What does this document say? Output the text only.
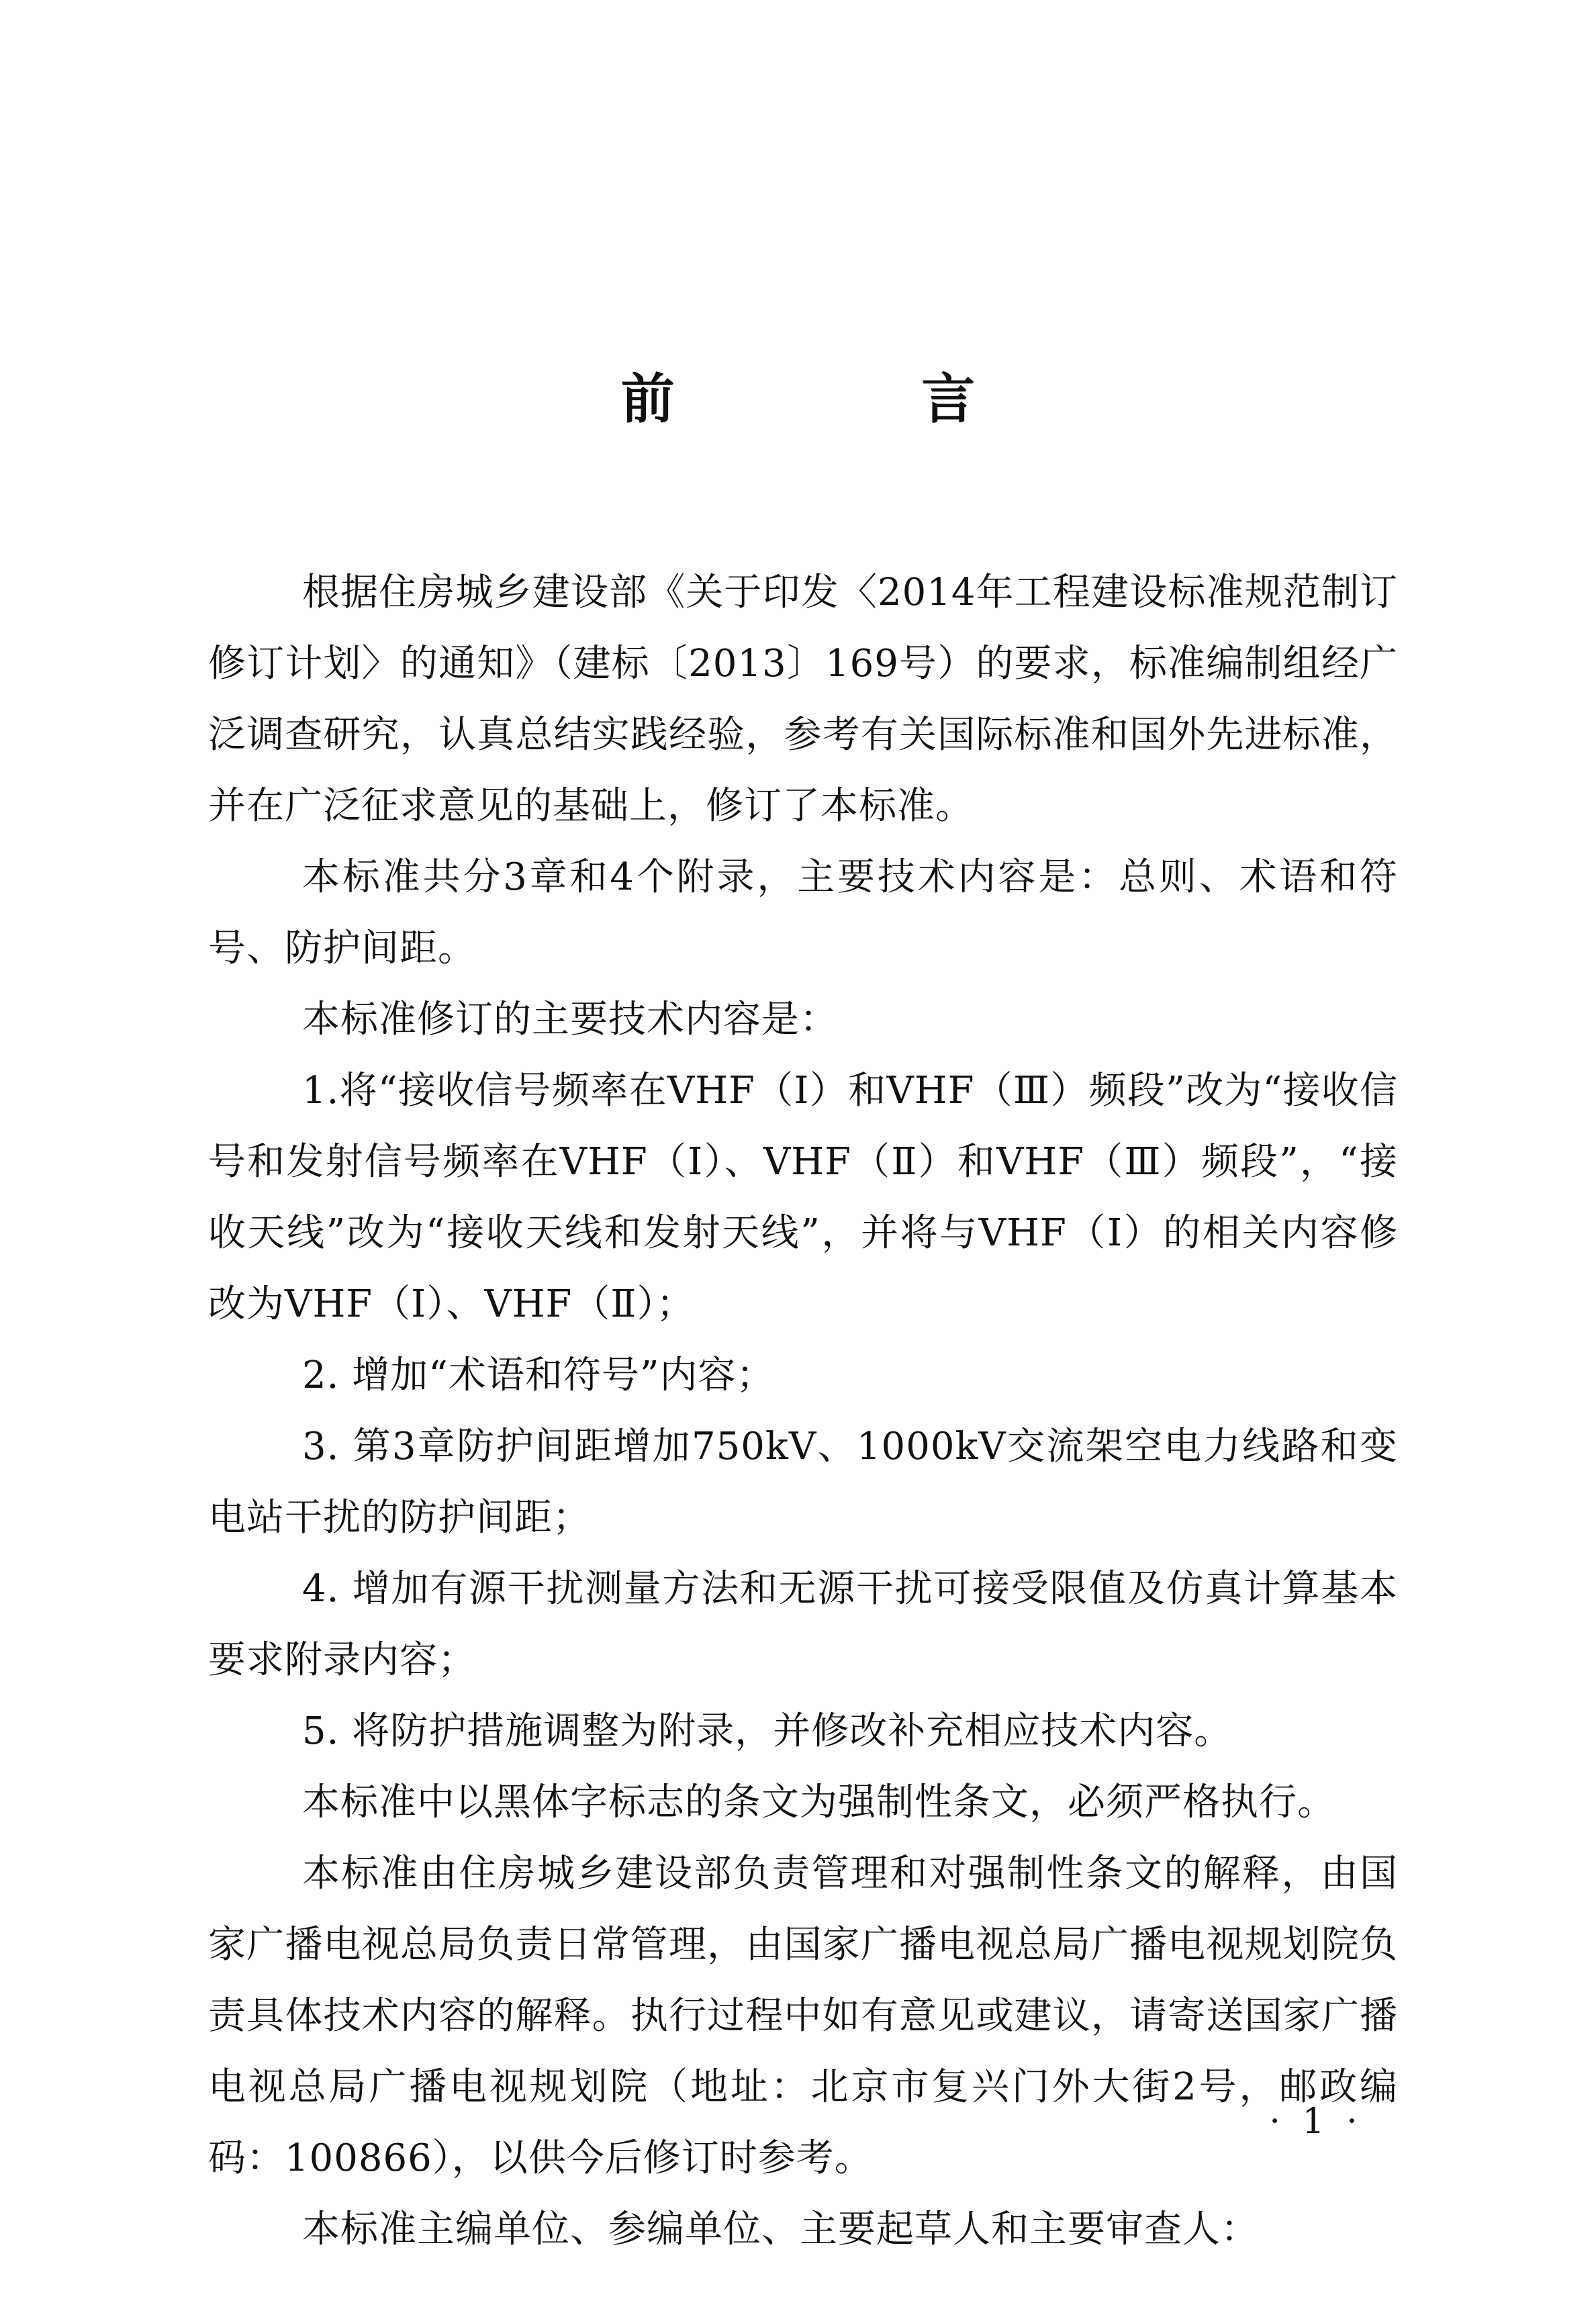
前 言

根据住房城乡建设部《关于印发〈2014年工程建设标准规范制订修订计划〉的通知》（建标〔2013〕169号）的要求，标准编制组经广泛调查研究，认真总结实践经验，参考有关国际标准和国外先进标准，并在广泛征求意见的基础上，修订了本标准。

本标准共分3章和4个附录，主要技术内容是：总则、术语和符号、防护间距。

本标准修订的主要技术内容是：

1.将“接收信号频率在VHF（Ⅰ）和VHF（Ⅲ）频段”改为“接收信号和发射信号频率在VHF（Ⅰ）、VHF（Ⅱ）和VHF（Ⅲ）频段”，“接收天线”改为“接收天线和发射天线”，并将与VHF（Ⅰ）的相关内容修改为VHF（Ⅰ）、VHF（Ⅱ）；

2. 增加“术语和符号”内容；

3. 第3章防护间距增加750kV、1000kV交流架空电力线路和变电站干扰的防护间距；

4. 增加有源干扰测量方法和无源干扰可接受限值及仿真计算基本要求附录内容；

5. 将防护措施调整为附录，并修改补充相应技术内容。

本标准中以黑体字标志的条文为强制性条文，必须严格执行。

本标准由住房城乡建设部负责管理和对强制性条文的解释，由国家广播电视总局负责日常管理，由国家广播电视总局广播电视规划院负责具体技术内容的解释。执行过程中如有意见或建议，请寄送国家广播电视总局广播电视规划院（地址：北京市复兴门外大街2号，邮政编码：100866），以供今后修订时参考。

本标准主编单位、参编单位、主要起草人和主要审查人：

· 1 ·
